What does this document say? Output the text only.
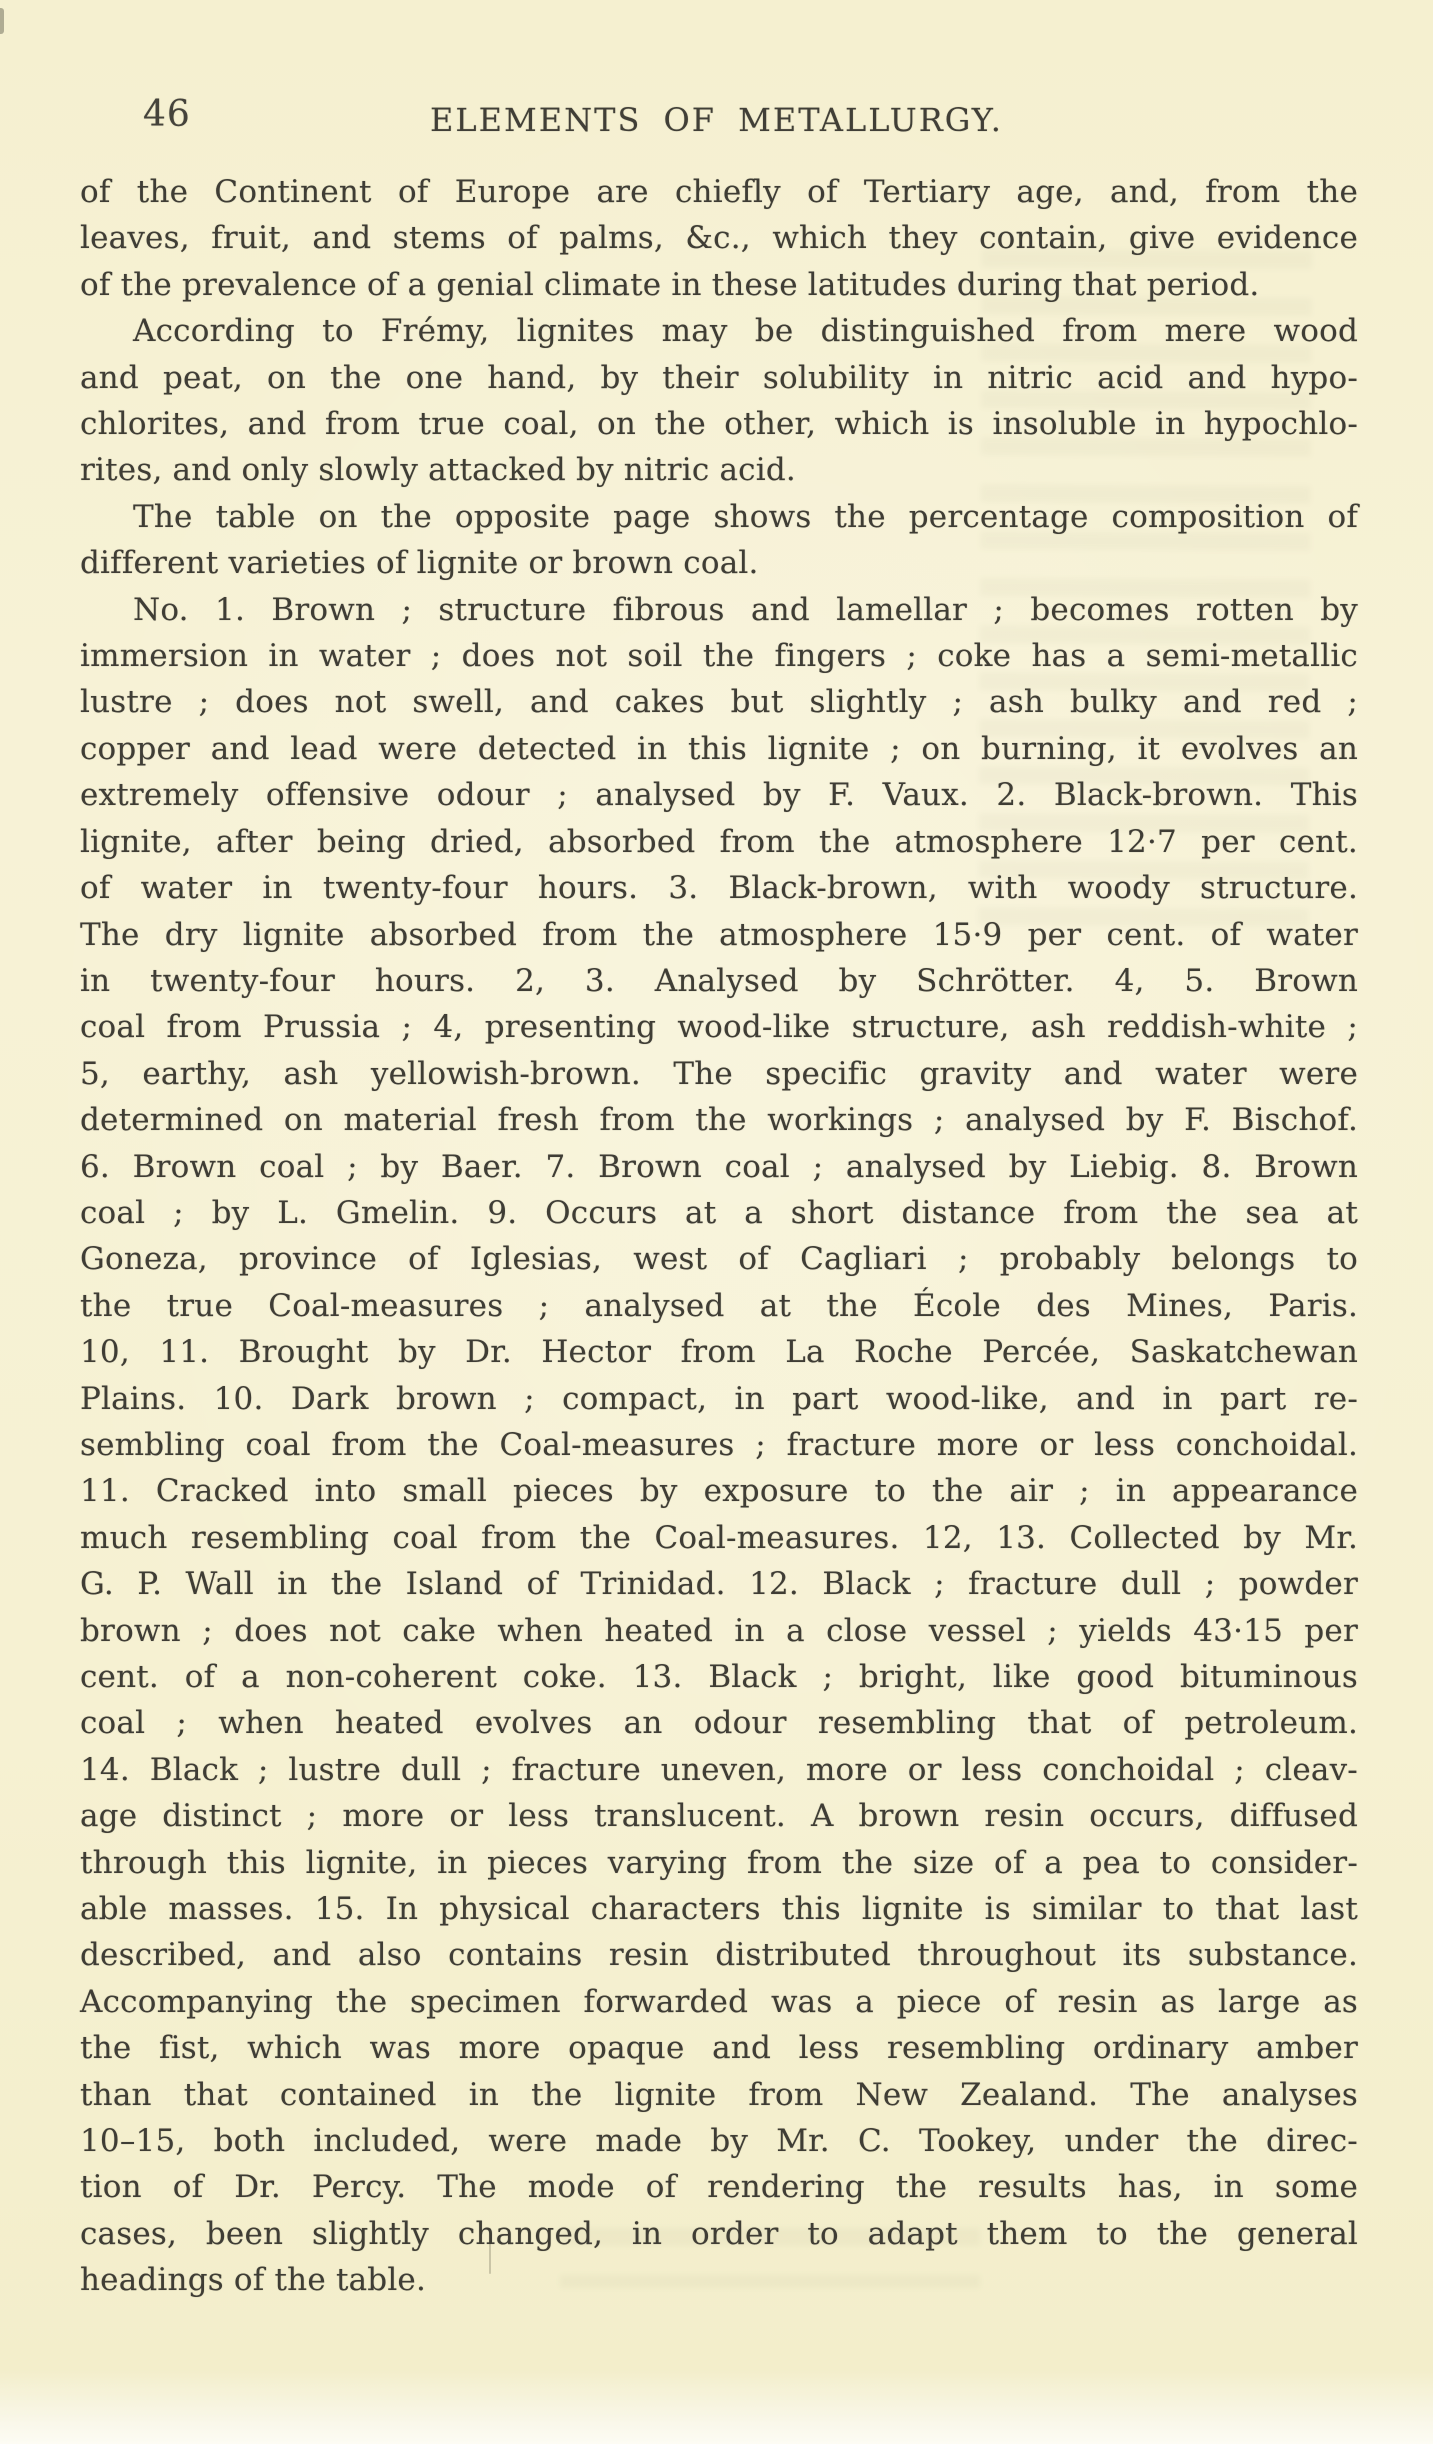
46	ELEMENTS OF METALLURGY.
of the Continent of Europe are chiefly of Tertiary age, and, from the
leaves, fruit, and stems of palms, &c., which they contain, give evidence
of the prevalence of a genial climate in these latitudes during that period.
According to Frémy, lignites may be distinguished from mere wood
and peat, on the one hand, by their solubility in nitric acid and hypo-
chlorites, and from true coal, on the other, which is insoluble in hypochlo-
rites, and only slowly attacked by nitric acid.
The table on the opposite page shows the percentage composition of
different varieties of lignite or brown coal.
No. 1. Brown ; structure fibrous and lamellar ; becomes rotten by
immersion in water ; does not soil the fingers ; coke has a semi-metallic
lustre ; does not swell, and cakes but slightly ; ash bulky and red ;
copper and lead were detected in this lignite ; on burning, it evolves an
extremely offensive odour ; analysed by F. Vaux. 2. Black-brown. This
lignite, after being dried, absorbed from the atmosphere 12·7 per cent.
of water in twenty-four hours. 3. Black-brown, with woody structure.
The dry lignite absorbed from the atmosphere 15·9 per cent. of water
in twenty-four hours. 2, 3. Analysed by Schrötter. 4, 5. Brown
coal from Prussia ; 4, presenting wood-like structure, ash reddish-white ;
5, earthy, ash yellowish-brown. The specific gravity and water were
determined on material fresh from the workings ; analysed by F. Bischof.
6. Brown coal ; by Baer. 7. Brown coal ; analysed by Liebig. 8. Brown
coal ; by L. Gmelin. 9. Occurs at a short distance from the sea at
Goneza, province of Iglesias, west of Cagliari ; probably belongs to
the true Coal-measures ; analysed at the École des Mines, Paris.
10, 11. Brought by Dr. Hector from La Roche Percée, Saskatchewan
Plains. 10. Dark brown ; compact, in part wood-like, and in part re-
sembling coal from the Coal-measures ; fracture more or less conchoidal.
11. Cracked into small pieces by exposure to the air ; in appearance
much resembling coal from the Coal-measures. 12, 13. Collected by Mr.
G. P. Wall in the Island of Trinidad. 12. Black ; fracture dull ; powder
brown ; does not cake when heated in a close vessel ; yields 43·15 per
cent. of a non-coherent coke. 13. Black ; bright, like good bituminous
coal ; when heated evolves an odour resembling that of petroleum.
14. Black ; lustre dull ; fracture uneven, more or less conchoidal ; cleav-
age distinct ; more or less translucent. A brown resin occurs, diffused
through this lignite, in pieces varying from the size of a pea to consider-
able masses. 15. In physical characters this lignite is similar to that last
described, and also contains resin distributed throughout its substance.
Accompanying the specimen forwarded was a piece of resin as large as
the fist, which was more opaque and less resembling ordinary amber
than that contained in the lignite from New Zealand. The analyses
10–15, both included, were made by Mr. C. Tookey, under the direc-
tion of Dr. Percy. The mode of rendering the results has, in some
cases, been slightly changed, in order to adapt them to the general
headings of the table.
